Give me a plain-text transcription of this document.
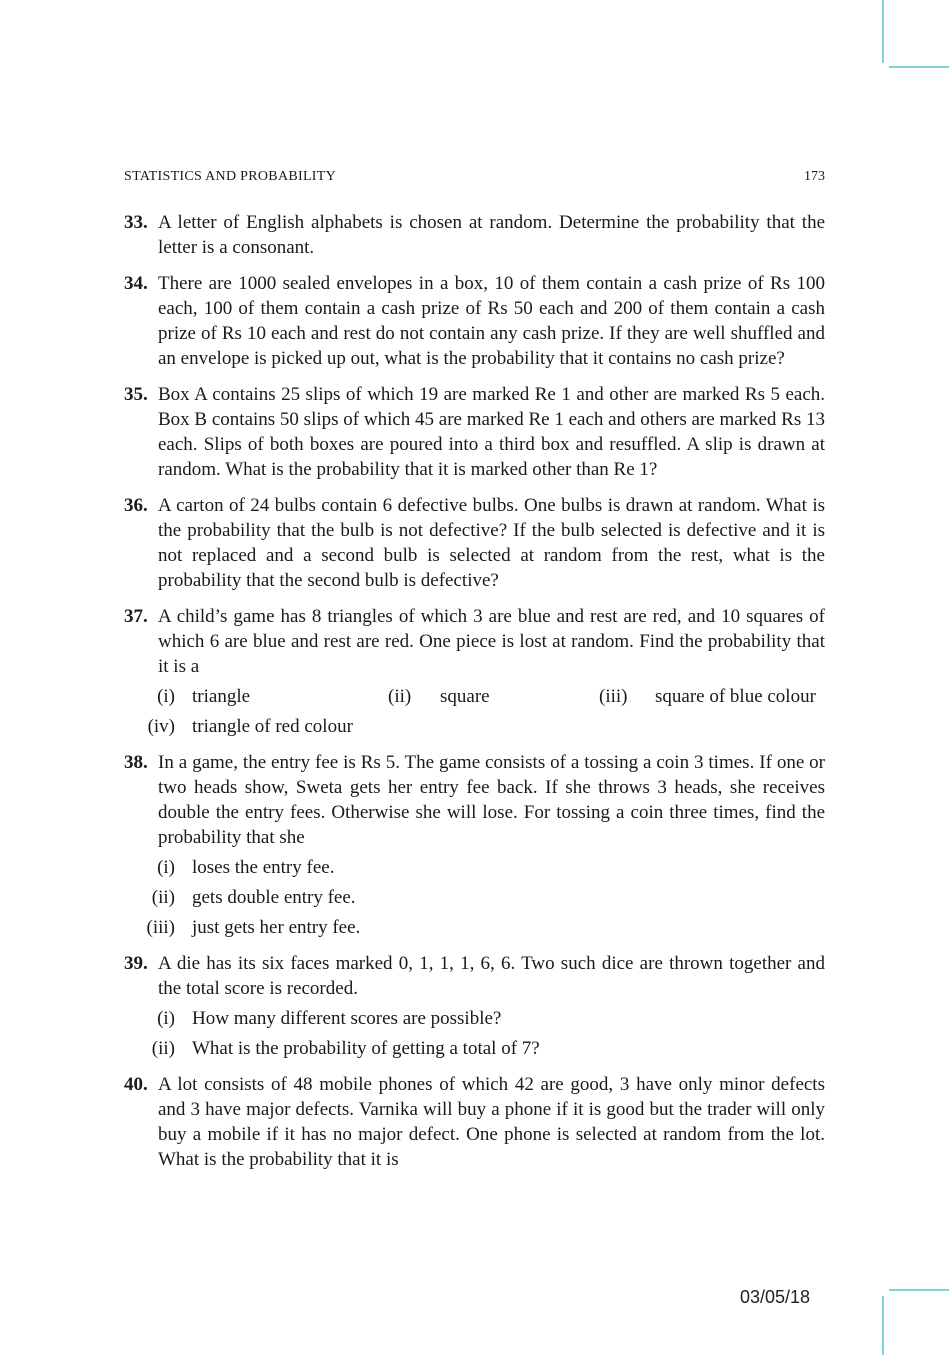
STATISTICS AND PROBABILITY	173
33. A letter of English alphabets is chosen at random. Determine the probability that the letter is a consonant.
34. There are 1000 sealed envelopes in a box, 10 of them contain a cash prize of Rs 100 each, 100 of them contain a cash prize of Rs 50 each and 200 of them contain a cash prize of Rs 10 each and rest do not contain any cash prize. If they are well shuffled and an envelope is picked up out, what is the probability that it contains no cash prize?
35. Box A contains 25 slips of which 19 are marked Re 1 and other are marked Rs 5 each. Box B contains 50 slips of which 45 are marked Re 1 each and others are marked Rs 13 each. Slips of both boxes are poured into a third box and resuffled. A slip is drawn at random. What is the probability that it is marked other than Re 1?
36. A carton of 24 bulbs contain 6 defective bulbs. One bulbs is drawn at random. What is the probability that the bulb is not defective? If the bulb selected is defective and it is not replaced and a second bulb is selected at random from the rest, what is the probability that the second bulb is defective?
37. A child’s game has 8 triangles of which 3 are blue and rest are red, and 10 squares of which 6 are blue and rest are red. One piece is lost at random. Find the probability that it is a
(i) triangle	(ii) square	(iii) square of blue colour
(iv) triangle of red colour
38. In a game, the entry fee is Rs 5. The game consists of a tossing a coin 3 times. If one or two heads show, Sweta gets her entry fee back. If she throws 3 heads, she receives double the entry fees. Otherwise she will lose. For tossing a coin three times, find the probability that she
(i) loses the entry fee.
(ii) gets double entry fee.
(iii) just gets her entry fee.
39. A die has its six faces marked 0, 1, 1, 1, 6, 6. Two such dice are thrown together and the total score is recorded.
(i) How many different scores are possible?
(ii) What is the probability of getting a total of 7?
40. A lot consists of 48 mobile phones of which 42 are good, 3 have only minor defects and 3 have major defects. Varnika will buy a phone if it is good but the trader will only buy a mobile if it has no major defect. One phone is selected at random from the lot. What is the probability that it is
03/05/18
